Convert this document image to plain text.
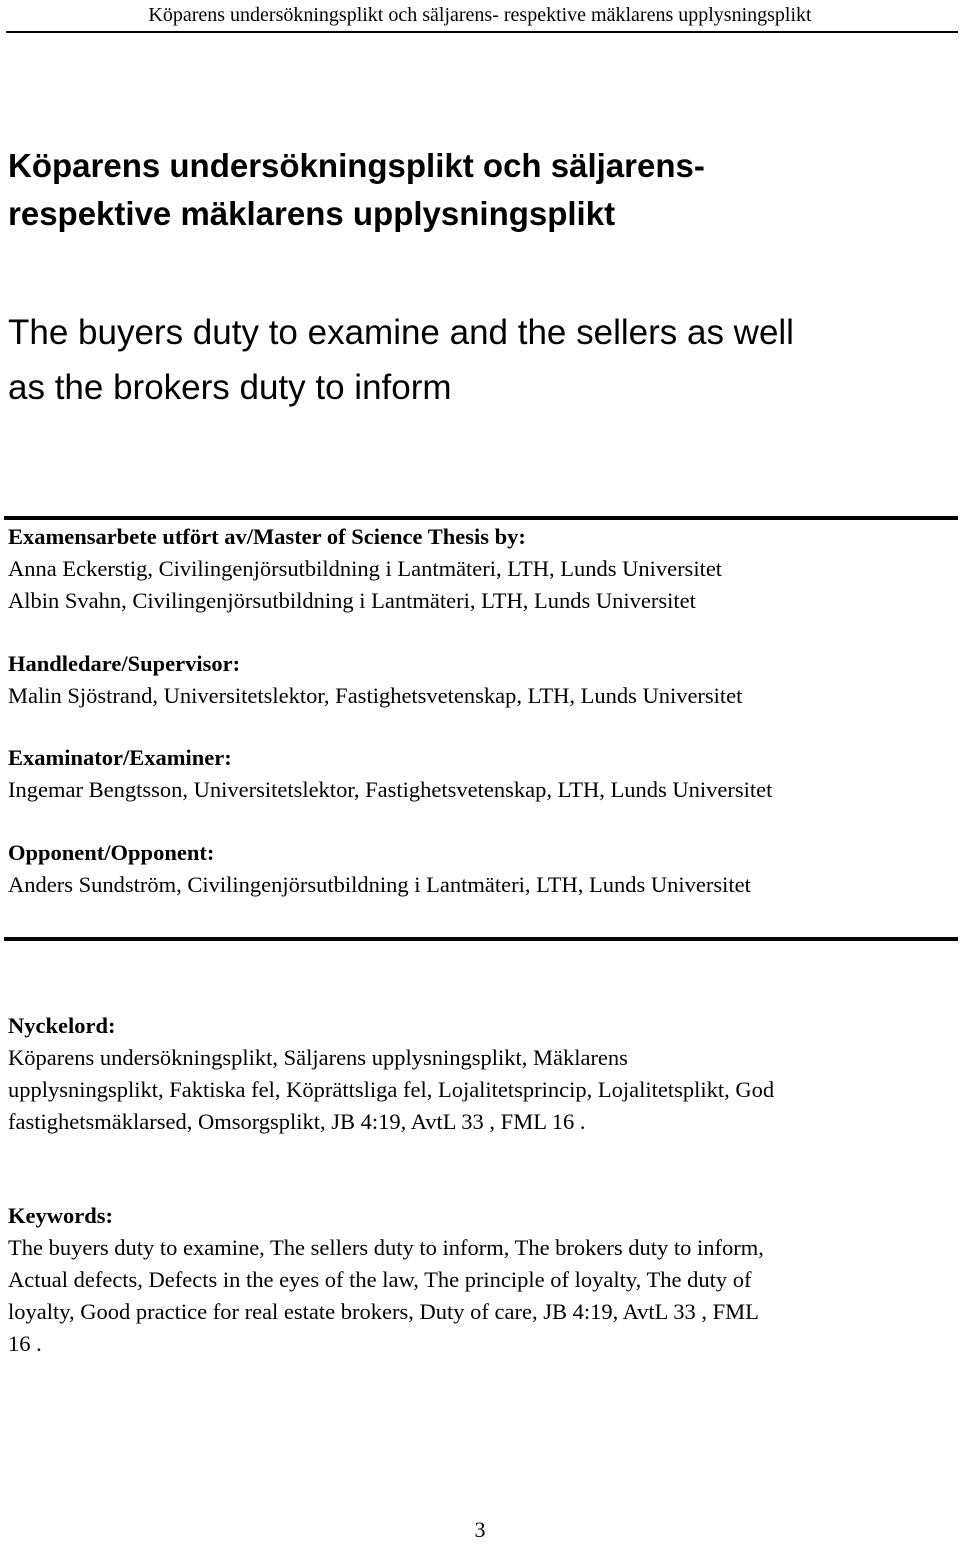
Köparens undersökningsplikt och säljarens- respektive mäklarens upplysningsplikt
Köparens undersökningsplikt och säljarens-
respektive mäklarens upplysningsplikt
The buyers duty to examine and the sellers as well
as the brokers duty to inform
Examensarbete utfört av/Master of Science Thesis by:
Anna Eckerstig, Civilingenjörsutbildning i Lantmäteri, LTH, Lunds Universitet
Albin Svahn, Civilingenjörsutbildning i Lantmäteri, LTH, Lunds Universitet
Handledare/Supervisor:
Malin Sjöstrand, Universitetslektor, Fastighetsvetenskap, LTH, Lunds Universitet
Examinator/Examiner:
Ingemar Bengtsson, Universitetslektor, Fastighetsvetenskap, LTH, Lunds Universitet
Opponent/Opponent:
Anders Sundström, Civilingenjörsutbildning i Lantmäteri, LTH, Lunds Universitet
Nyckelord:
Köparens undersökningsplikt, Säljarens upplysningsplikt, Mäklarens
upplysningsplikt, Faktiska fel, Köprättsliga fel, Lojalitetsprincip, Lojalitetsplikt, God
fastighetsmäklarsed, Omsorgsplikt, JB 4:19, AvtL 33 , FML 16 .
Keywords:
The buyers duty to examine, The sellers duty to inform, The brokers duty to inform,
Actual defects, Defects in the eyes of the law, The principle of loyalty, The duty of
loyalty, Good practice for real estate brokers, Duty of care, JB 4:19, AvtL 33 , FML
16 .
3
